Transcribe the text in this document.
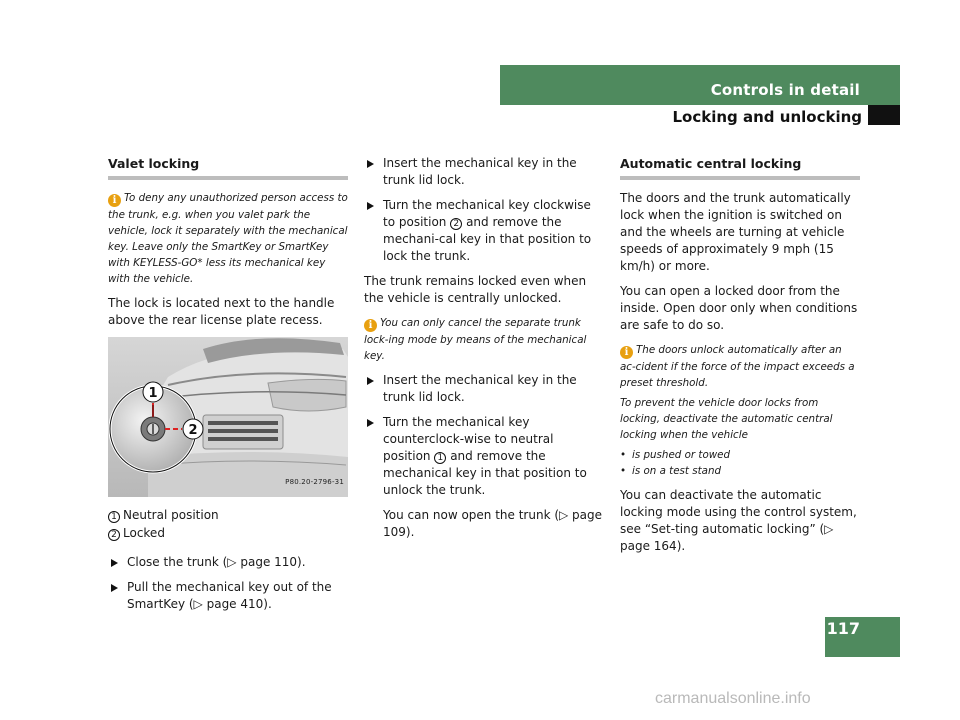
Controls in detail
Locking and unlocking
Valet locking
i To deny any unauthorized person access to the trunk, e.g. when you valet park the vehicle, lock it separately with the mechanical key. Leave only the SmartKey or SmartKey with KEYLESS-GO* less its mechanical key with the vehicle.

The lock is located next to the handle above the rear license plate recess.

1
2
P80.20-2796-31
1 Neutral position
2 Locked
Close the trunk (▷ page 110).
Pull the mechanical key out of the SmartKey (▷ page 410).
Insert the mechanical key in the trunk lid lock.
Turn the mechanical key clockwise to position 2 and remove the mechani-cal key in that position to lock the trunk.

The trunk remains locked even when the vehicle is centrally unlocked.

i You can only cancel the separate trunk lock-ing mode by means of the mechanical key.
Insert the mechanical key in the trunk lid lock.
Turn the mechanical key counterclock-wise to neutral position 1 and remove the mechanical key in that position to unlock the trunk.

You can now open the trunk (▷ page 109).

Automatic central locking

The doors and the trunk automatically lock when the ignition is switched on and the wheels are turning at vehicle speeds of approximately 9 mph (15 km/h) or more.

You can open a locked door from the inside. Open door only when conditions are safe to do so.

i The doors unlock automatically after an ac-cident if the force of the impact exceeds a preset threshold.

To prevent the vehicle door locks from locking, deactivate the automatic central locking when the vehicle

• is pushed or towed
• is on a test stand

You can deactivate the automatic locking mode using the control system, see “Set-ting automatic locking” (▷ page 164).

117
carmanualsonline.info
